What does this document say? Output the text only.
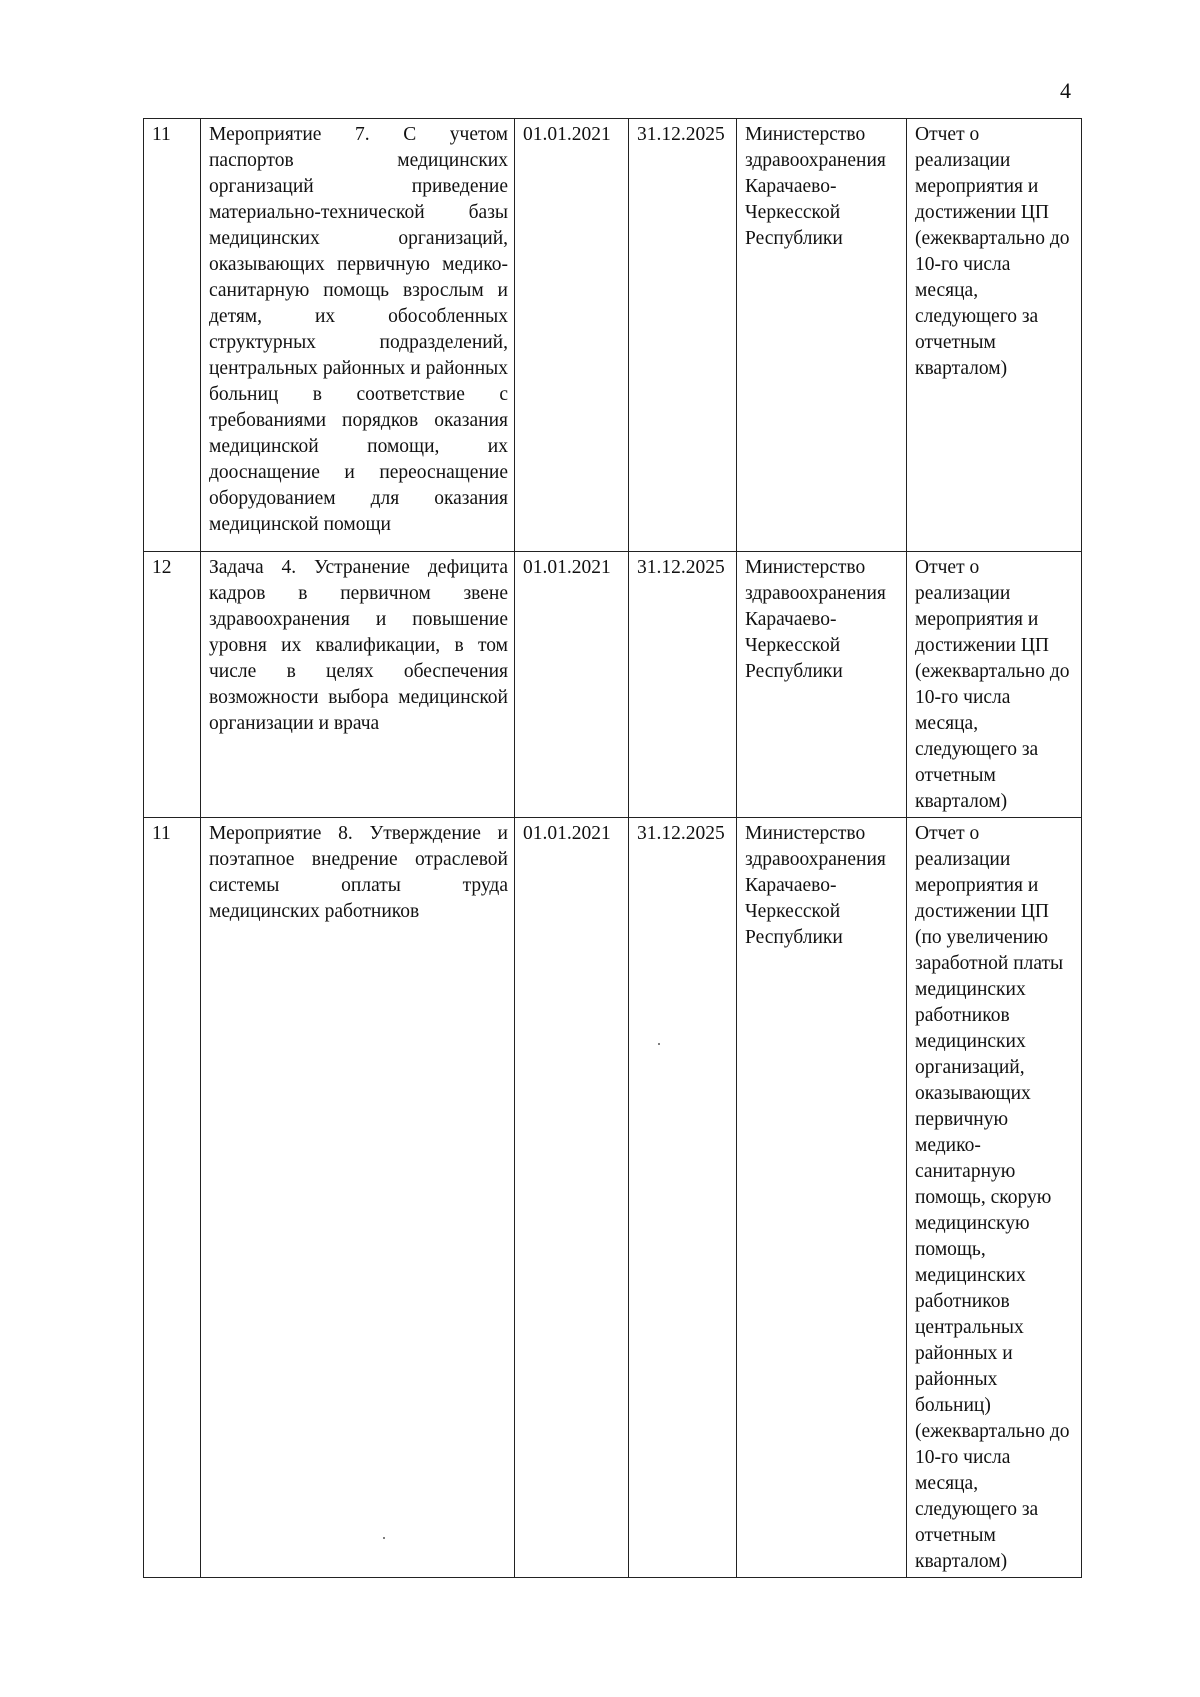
4
11	Мероприятие 7. С учетом паспортов медицинских организаций приведение материально-технической базы медицинских организаций, оказывающих первичную медико-санитарную помощь взрослым и детям, их обособленных структурных подразделений, центральных районных и районных больниц в соответствие с требованиями порядков оказания медицинской помощи, их дооснащение и переоснащение оборудованием для оказания медицинской помощи	01.01.2021	31.12.2025	Министерство здравоохранения Карачаево-Черкесской Республики	Отчет о реализации мероприятия и достижении ЦП (ежеквартально до 10-го числа месяца, следующего за отчетным кварталом)
12	Задача 4. Устранение дефицита кадров в первичном звене здравоохранения и повышение уровня их квалификации, в том числе в целях обеспечения возможности выбора медицинской организации и врача	01.01.2021	31.12.2025	Министерство здравоохранения Карачаево-Черкесской Республики	Отчет о реализации мероприятия и достижении ЦП (ежеквартально до 10-го числа месяца, следующего за отчетным кварталом)
11	Мероприятие 8. Утверждение и поэтапное внедрение отраслевой системы оплаты труда медицинских работников	01.01.2021	31.12.2025	Министерство здравоохранения Карачаево-Черкесской Республики	Отчет о реализации мероприятия и достижении ЦП (по увеличению заработной платы медицинских работников медицинских организаций, оказывающих первичную медико-санитарную помощь, скорую медицинскую помощь, медицинских работников центральных районных и районных больниц) (ежеквартально до 10-го числа месяца, следующего за отчетным кварталом)
